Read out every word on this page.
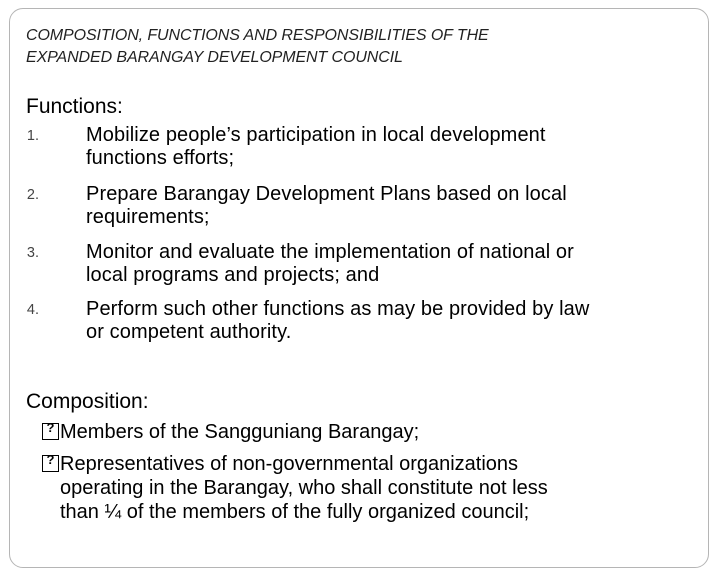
COMPOSITION, FUNCTIONS AND RESPONSIBILITIES OF THE
EXPANDED BARANGAY DEVELOPMENT COUNCIL
Functions:
1. Mobilize people’s participation in local development
functions efforts;
2. Prepare Barangay Development Plans based on local
requirements;
3. Monitor and evaluate the implementation of national or
local programs and projects; and
4. Perform such other functions as may be provided by law
or competent authority.
Composition:
?
Members of the Sangguniang Barangay;
?
Representatives of non-governmental organizations
operating in the Barangay, who shall constitute not less
than ¼ of the members of the fully organized council;
